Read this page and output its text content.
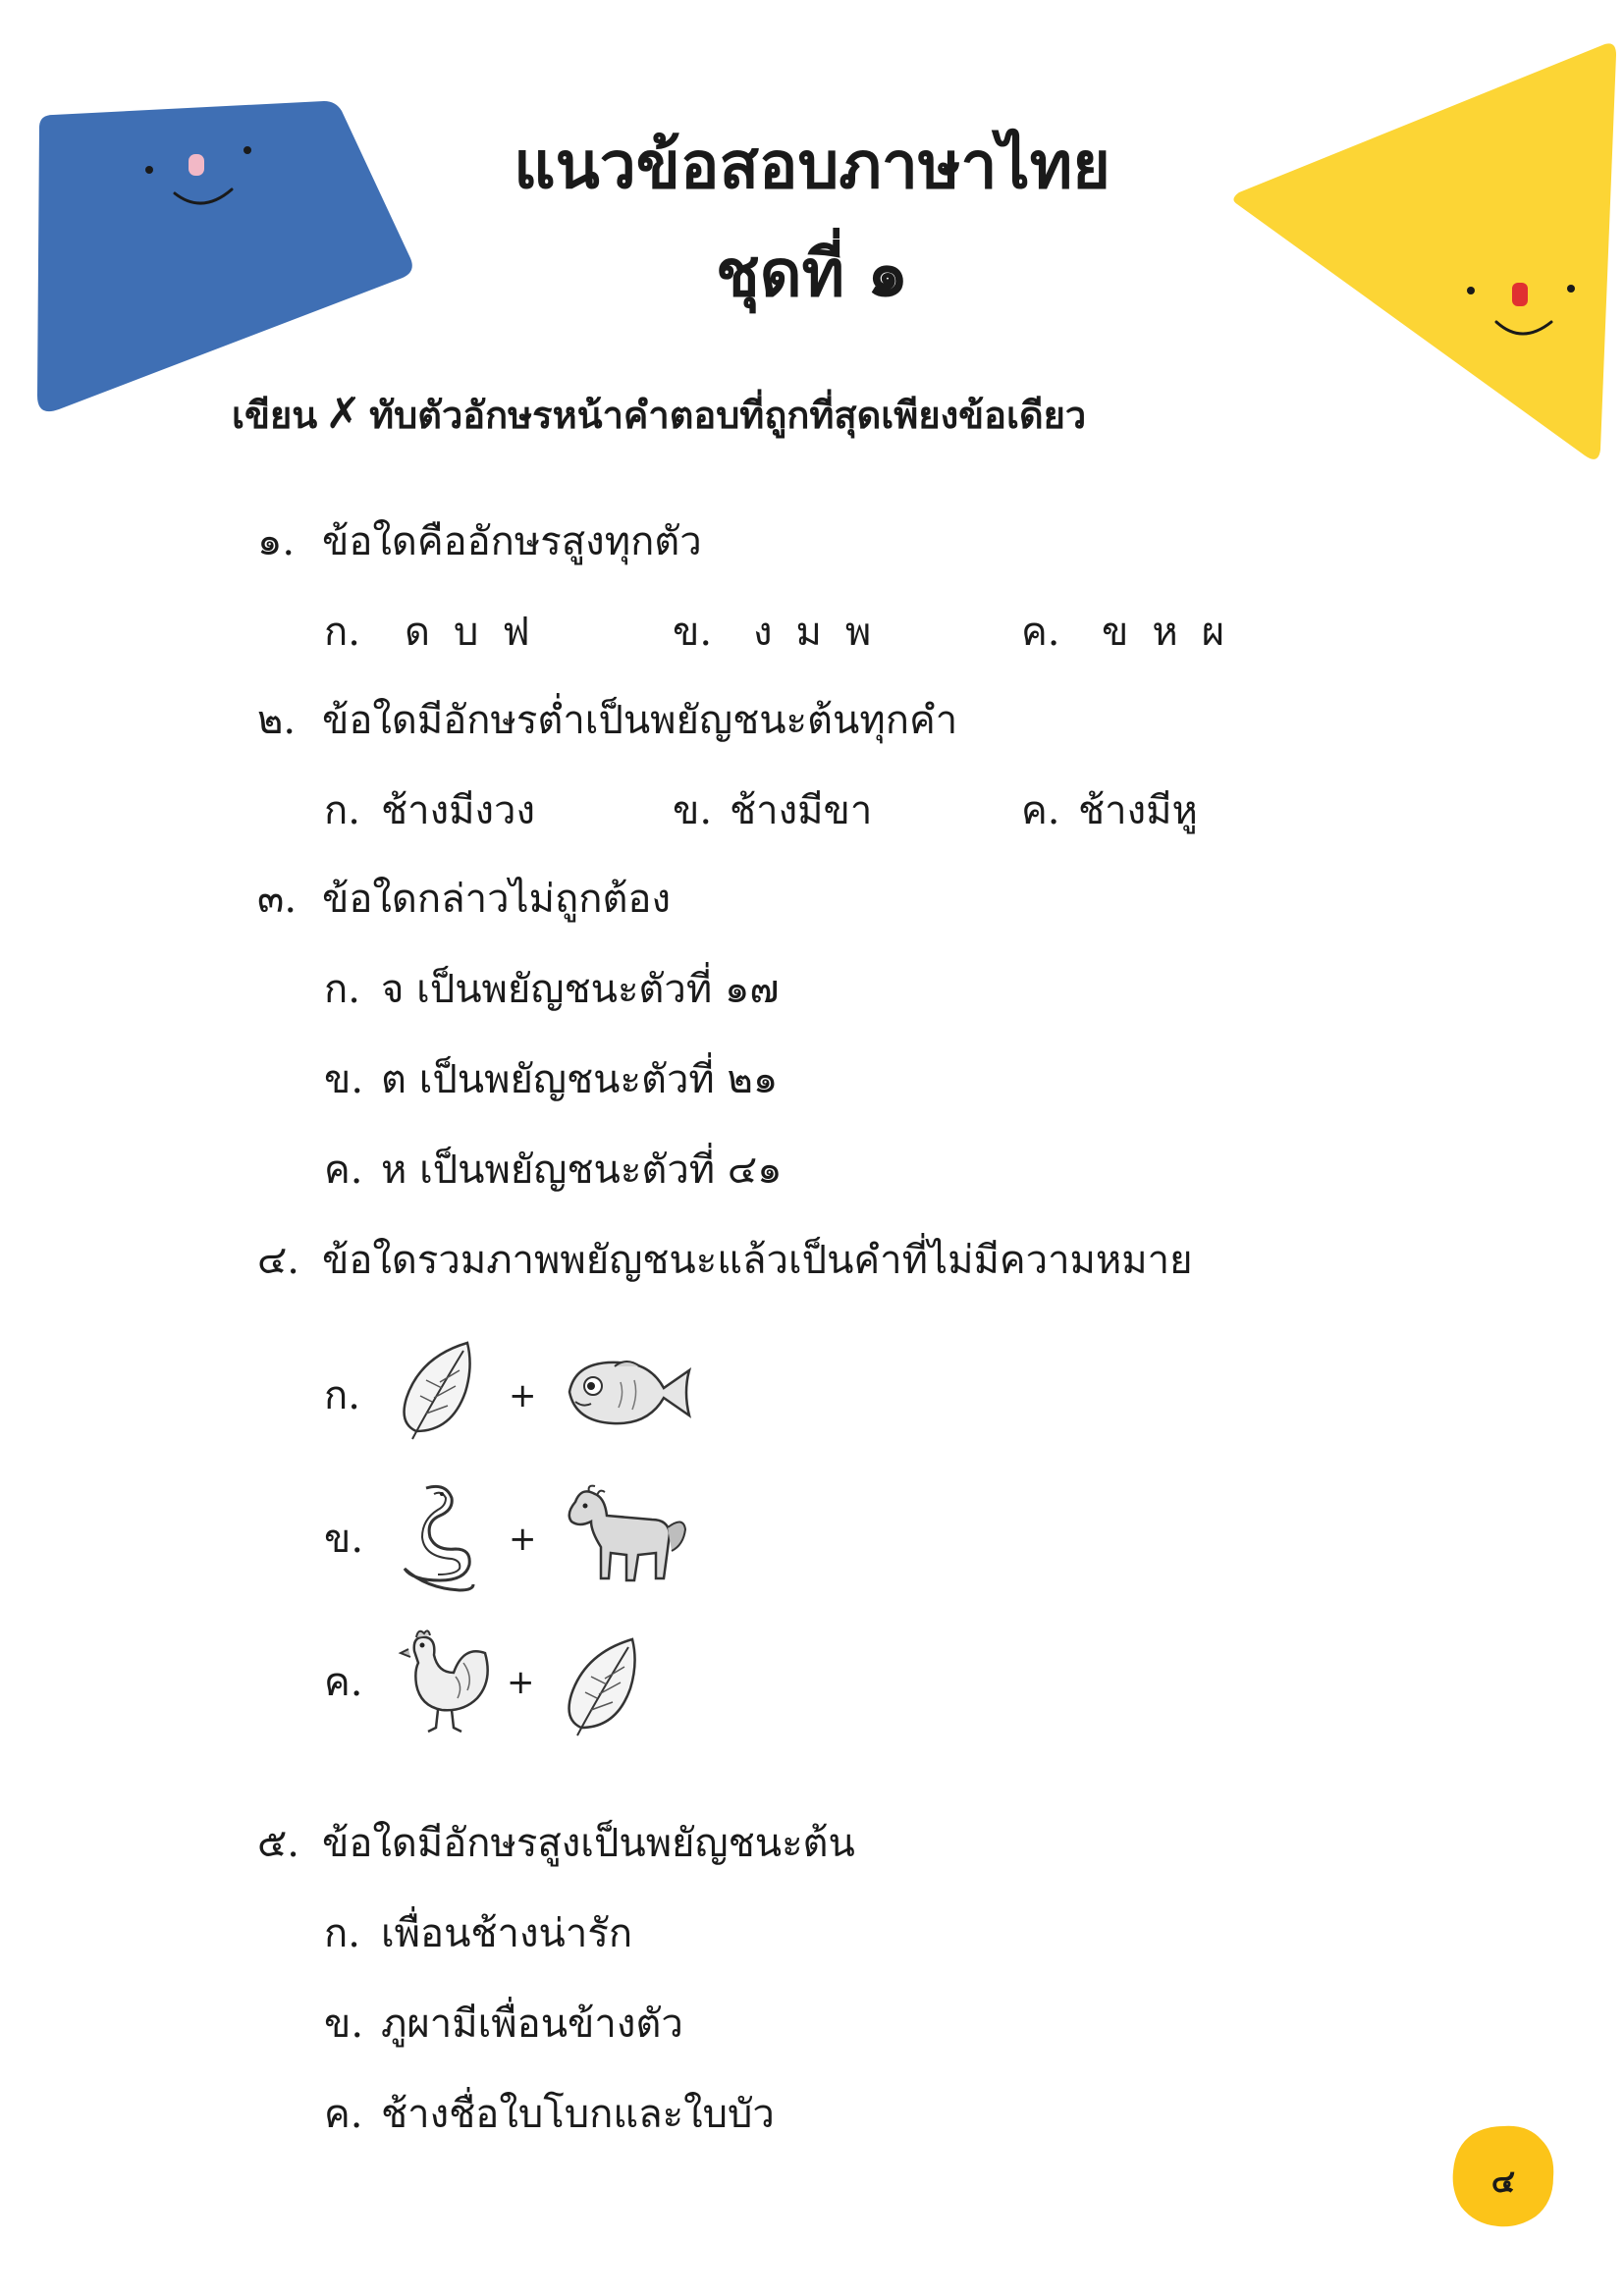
แนวข้อสอบภาษาไทย
ชุดที่ ๑
เขียน ✗ ทับตัวอักษรหน้าคำตอบที่ถูกที่สุดเพียงข้อเดียว
๑. ข้อใดคืออักษรสูงทุกตัว
ก. ด บ ฟ	ข. ง ม พ	ค. ข ห ผ
๒. ข้อใดมีอักษรต่ำเป็นพยัญชนะต้นทุกคำ
ก. ช้างมีงวง	ข. ช้างมีขา	ค. ช้างมีหู
๓. ข้อใดกล่าวไม่ถูกต้อง
ก. จ เป็นพยัญชนะตัวที่ ๑๗
ข. ต เป็นพยัญชนะตัวที่ ๒๑
ค. ห เป็นพยัญชนะตัวที่ ๔๑
๔. ข้อใดรวมภาพพยัญชนะแล้วเป็นคำที่ไม่มีความหมาย
ก.	+
ข.	+
ค.	+
๕. ข้อใดมีอักษรสูงเป็นพยัญชนะต้น
ก. เพื่อนช้างน่ารัก
ข. ภูผามีเพื่อนข้างตัว
ค. ช้างชื่อใบโบกและใบบัว
๔
